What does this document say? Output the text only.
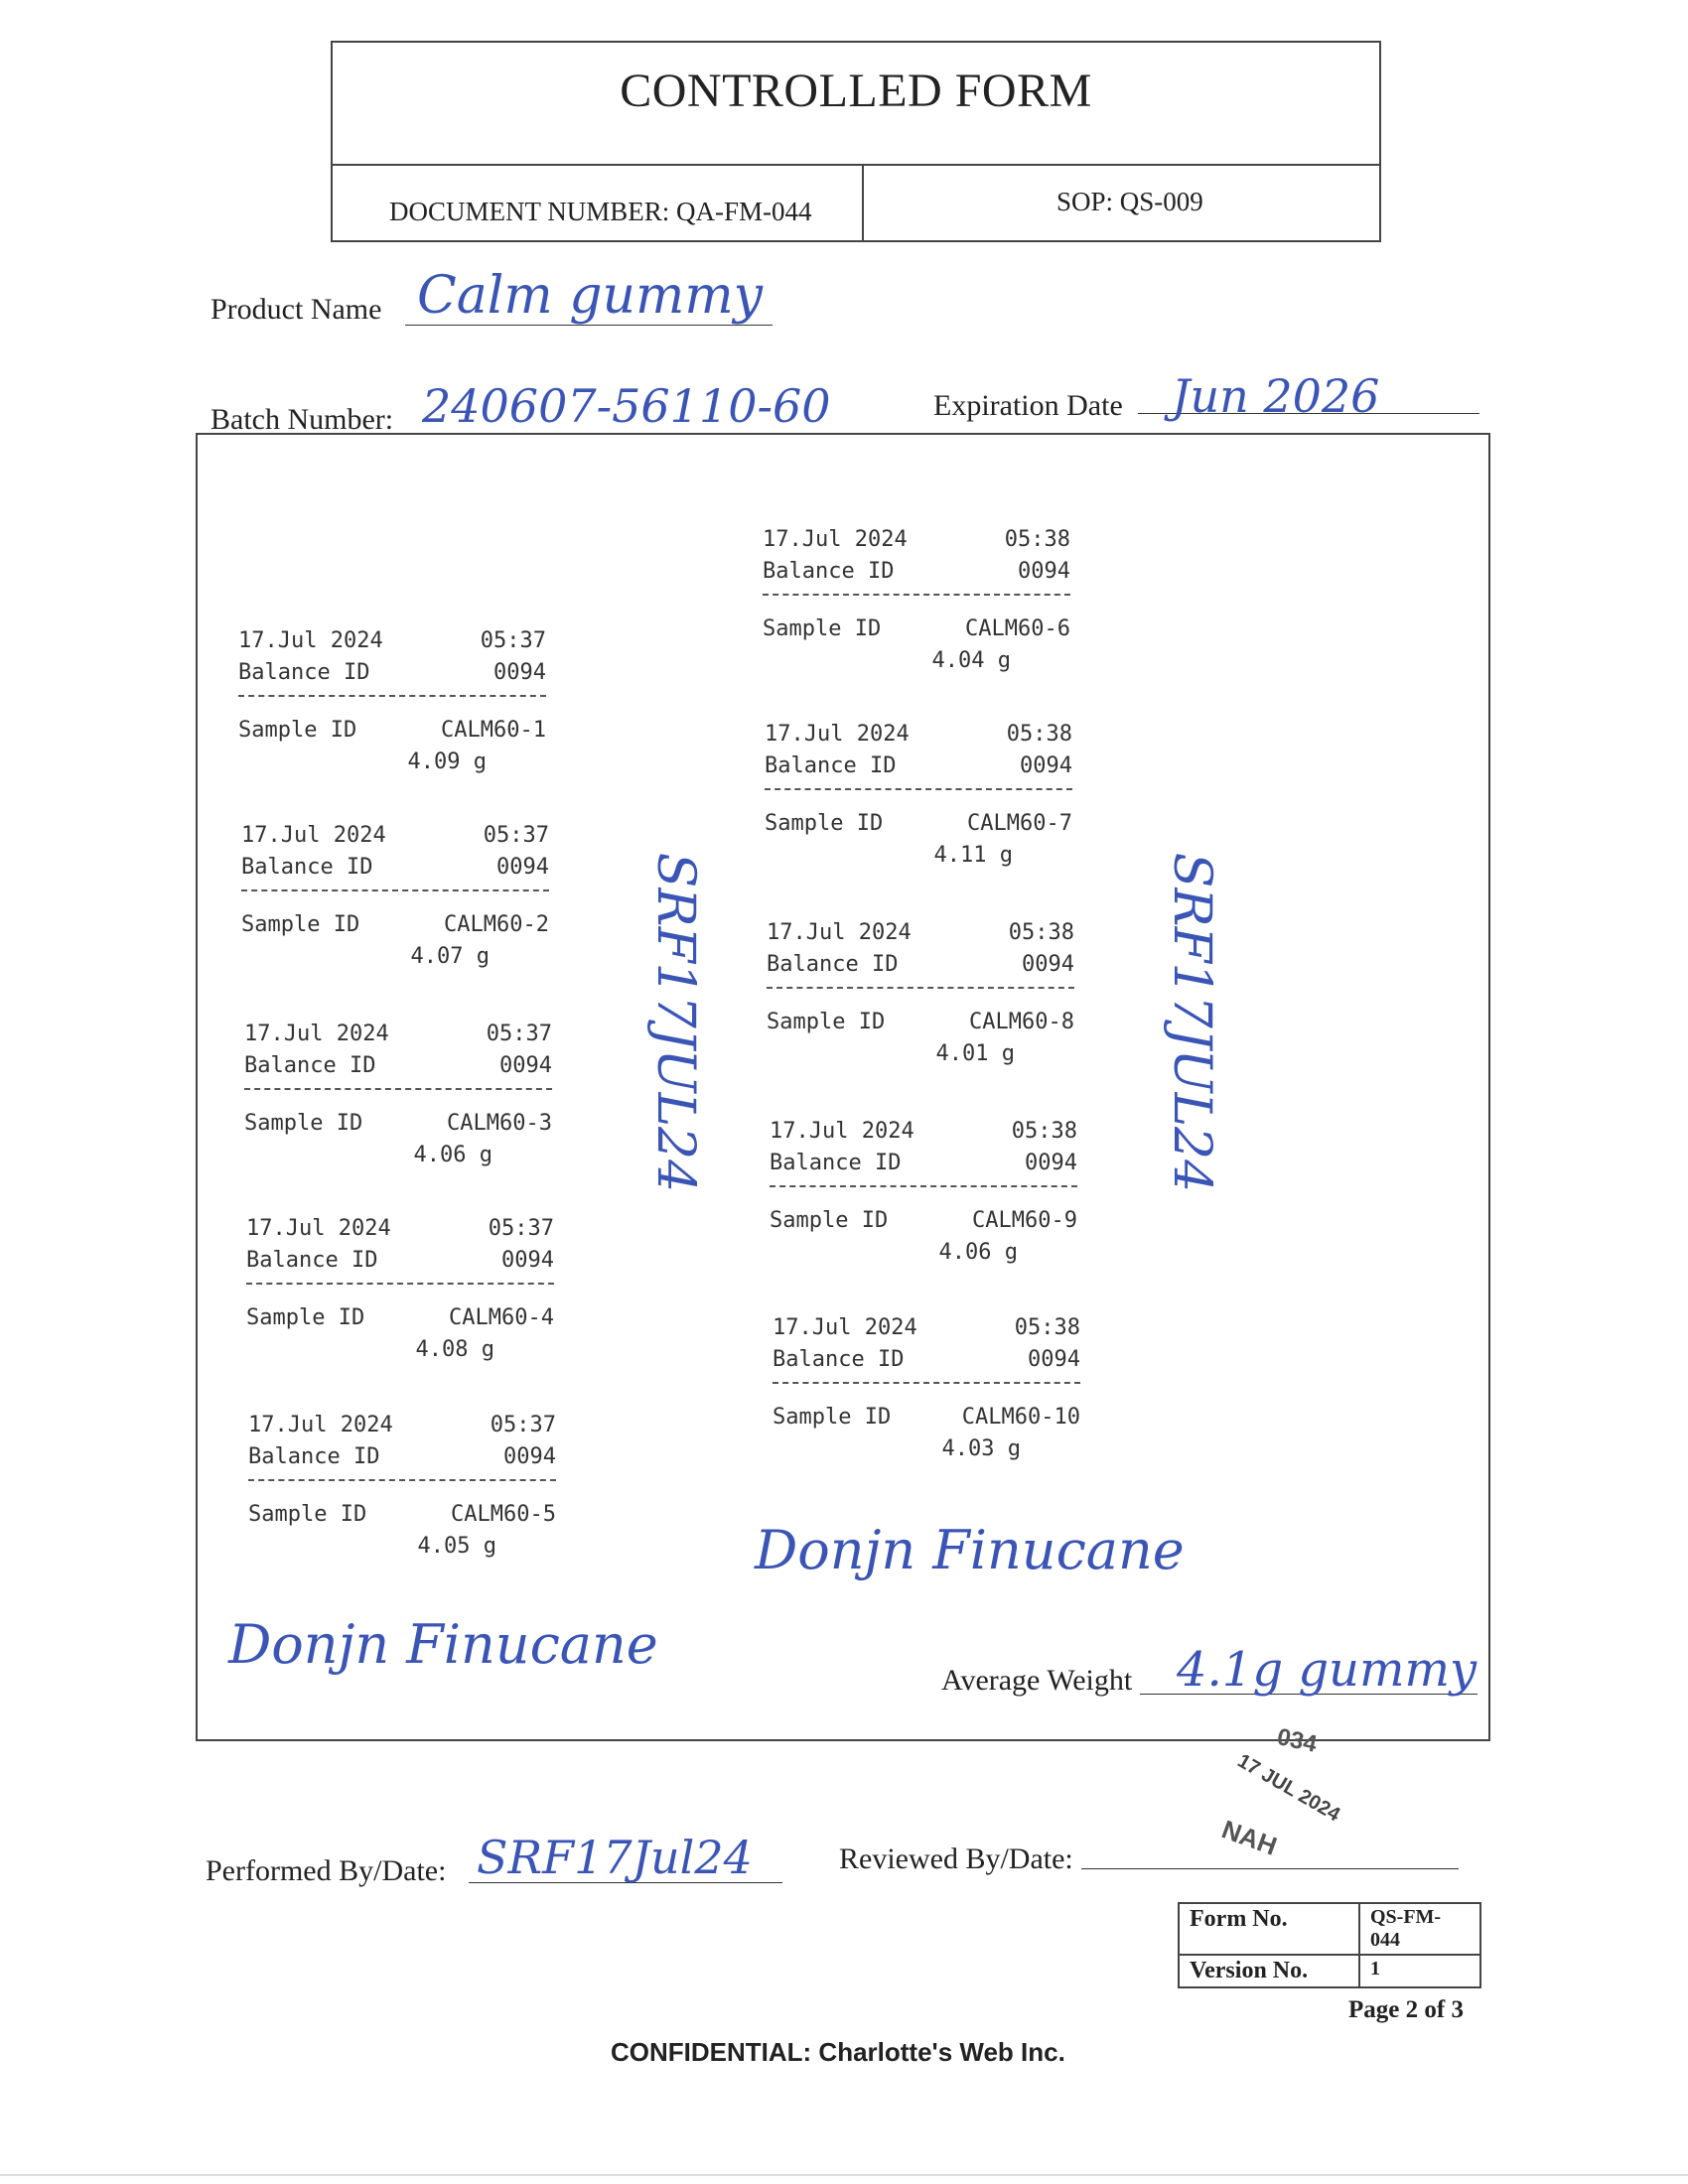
CONTROLLED FORM
DOCUMENT NUMBER: QA-FM-044	SOP: QS-009
Product Name Calm gummy
Batch Number: 240607-56110-60	Expiration Date Jun 2026
17.Jul 2024	05:37
Balance ID	0094
Sample ID	CALM60-1
4.09 g
17.Jul 2024	05:37
Balance ID	0094
Sample ID	CALM60-2
4.07 g
17.Jul 2024	05:37
Balance ID	0094
Sample ID	CALM60-3
4.06 g
17.Jul 2024	05:37
Balance ID	0094
Sample ID	CALM60-4
4.08 g
17.Jul 2024	05:37
Balance ID	0094
Sample ID	CALM60-5
4.05 g
17.Jul 2024	05:38
Balance ID	0094
Sample ID	CALM60-6
4.04 g
17.Jul 2024	05:38
Balance ID	0094
Sample ID	CALM60-7
4.11 g
17.Jul 2024	05:38
Balance ID	0094
Sample ID	CALM60-8
4.01 g
17.Jul 2024	05:38
Balance ID	0094
Sample ID	CALM60-9
4.06 g
17.Jul 2024	05:38
Balance ID	0094
Sample ID	CALM60-10
4.03 g
SRF17JUL24	SRF17JUL24
Donjn Finucane
Donjn Finucane
Average Weight 4.1g gummy
034
17 JUL 2024
NAH
Performed By/Date: SRF17Jul24	Reviewed By/Date:
Form No.	QS-FM-044
Version No.	1
Page 2 of 3
CONFIDENTIAL: Charlotte's Web Inc.
